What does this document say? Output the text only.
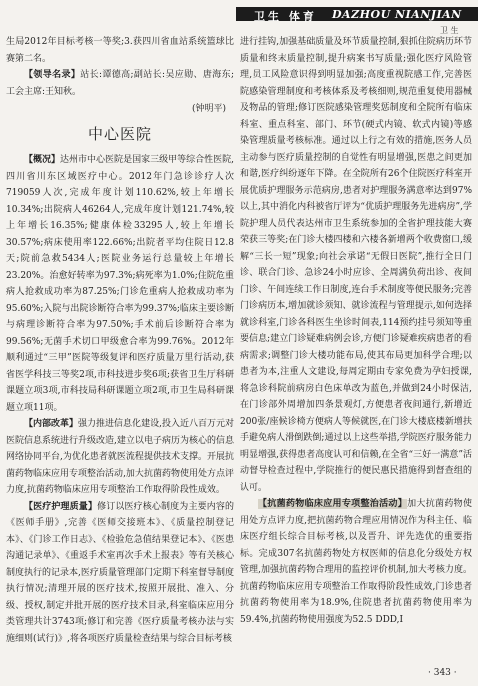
卫生 体育 DAZHOU NIANJIAN
卫 生

生局2012年目标考核一等奖;3.获四川省血站系统篮球比赛第二名。

【领导名录】站长:谭德高;副站长:吴应勋、唐海东;工会主席:王知秋。

(钟明平)
中心医院

【概况】达州市中心医院是国家三级甲等综合性医院,四川省川东区域医疗中心。2012年门急诊诊疗人次719059人次,完成年度计划110.62%,较上年增长10.34%;出院病人46264人,完成年度计划121.74%,较上年增长16.35%;健康体检33295人,较上年增长30.57%;病床使用率122.66%;出院者平均住院日12.8天;院前急救5434人;医院业务运行总量较上年增长23.20%。治愈好转率为97.3%;病死率为1.0%;住院危重病人抢救成功率为87.25%;门诊危重病人抢救成功率为95.60%;入院与出院诊断符合率为99.37%;临床主要诊断与病理诊断符合率为97.50%;手术前后诊断符合率为99.56%;无菌手术切口甲级愈合率为99.76%。2012年顺利通过“三甲”医院等级复评和医疗质量万里行活动,获省医学科技三等奖2项,市科技进步奖6项;获省卫生厅科研课题立项3项,市科技局科研课题立项2项,市卫生局科研课题立项11项。

【内部改革】强力推进信息化建设,投入近八百万元对医院信息系统进行升级改造,建立以电子病历为核心的信息网络协同平台,为优化患者就医流程提供技术支撑。开展抗菌药物临床应用专项整治活动,加大抗菌药物使用处方点评力度,抗菌药物临床应用专项整治工作取得阶段性成效。

【医疗护理质量】修订以医疗核心制度为主要内容的《医师手册》,完善《医师交接班本》、《质量控制登记本》、《门诊工作日志》、《检验危急值结果登记本》、《医患沟通记录单》、《重返手术室再次手术上报表》等有关核心制度执行的记录本,医疗质量管理部门定期下科室督导制度执行情况;清理开展的医疗技术,按照开展批、准入、分级、授权,制定并批开展的医疗技术目录,科室临床应用分类管理共计3743项;修订和完善《医疗质量考核办法与实施细则(试行)》,将各项医疗质量检查结果与综合目标考核

进行挂钩,加强基础质量及环节质量控制,狠抓住院病历环节质量和终末质量控制,提升病案书写质量;强化医疗风险管理,员工风险意识得到明显加强;高度重视院感工作,完善医院感染管理制度和考核体系及考核细则,规范重复使用器械及物品的管理;修订医院感染管理奖惩制度和全院所有临床科室、重点科室、部门、环节(硬式内镜、软式内镜)等感染管理质量考核标准。通过以上行之有效的措施,医务人员主动参与医疗质量控制的自觉性有明显增强,医患之间更加和谐,医疗纠纷逐年下降。在全院所有26个住院医疗科室开展优质护理服务示范病房,患者对护理服务满意率达到97%以上,其中消化内科被省厅评为“优质护理服务先进病房”,学院护理人员代表达州市卫生系统参加的全省护理技能大赛荣获三等奖;在门诊大楼四楼和六楼各新增两个收费窗口,缓解“三长一短”现象;向社会承诺“无假日医院”,推行全日门诊、联合门诊、急诊24小时应诊、全周满负荷出诊、夜间门诊、午间连续工作日制度,连台手术制度等便民服务;完善门诊病历本,增加就诊须知、就诊流程与管理提示,如何选择就诊科室,门诊各科医生坐诊时间表,114预约挂号须知等重要信息;建立门诊疑难病例会诊,方便门诊疑难疾病患者的看病需求;调整门诊大楼功能布局,使其布局更加科学合理;以患者为本,注重人文建设,每周定期由专家免费为孕妇授课,将急诊科院前病房白色床单改为蓝色,并做到24小时保洁,在门诊部外周增加四条景观灯,方便患者夜间通行,新增近200张/座候诊椅方便病人等候就医,在门诊大楼底楼新增扶手避免病人滑倒跌倒;通过以上这些举措,学院医疗服务能力明显增强,获得患者高度认可和信赖,在全省“三好一满意”活动督导检查过程中,学院推行的便民惠民措施得到督查组的认可。

【抗菌药物临床应用专项整治活动】加大抗菌药物使用处方点评力度,把抗菌药物合理应用情况作为科主任、临床医疗组长综合目标考核,以及晋升、评先选优的重要指标。完成307名抗菌药物处方权医师的信息化分级处方权管理,加强抗菌药物合理用的监控评价机制,加大考核力度。抗菌药物临床应用专项整治工作取得阶段性成效,门诊患者抗菌药物使用率为18.9%,住院患者抗菌药物使用率为59.4%,抗菌药物使用强度为52.5 DDD,I

· 343 ·
